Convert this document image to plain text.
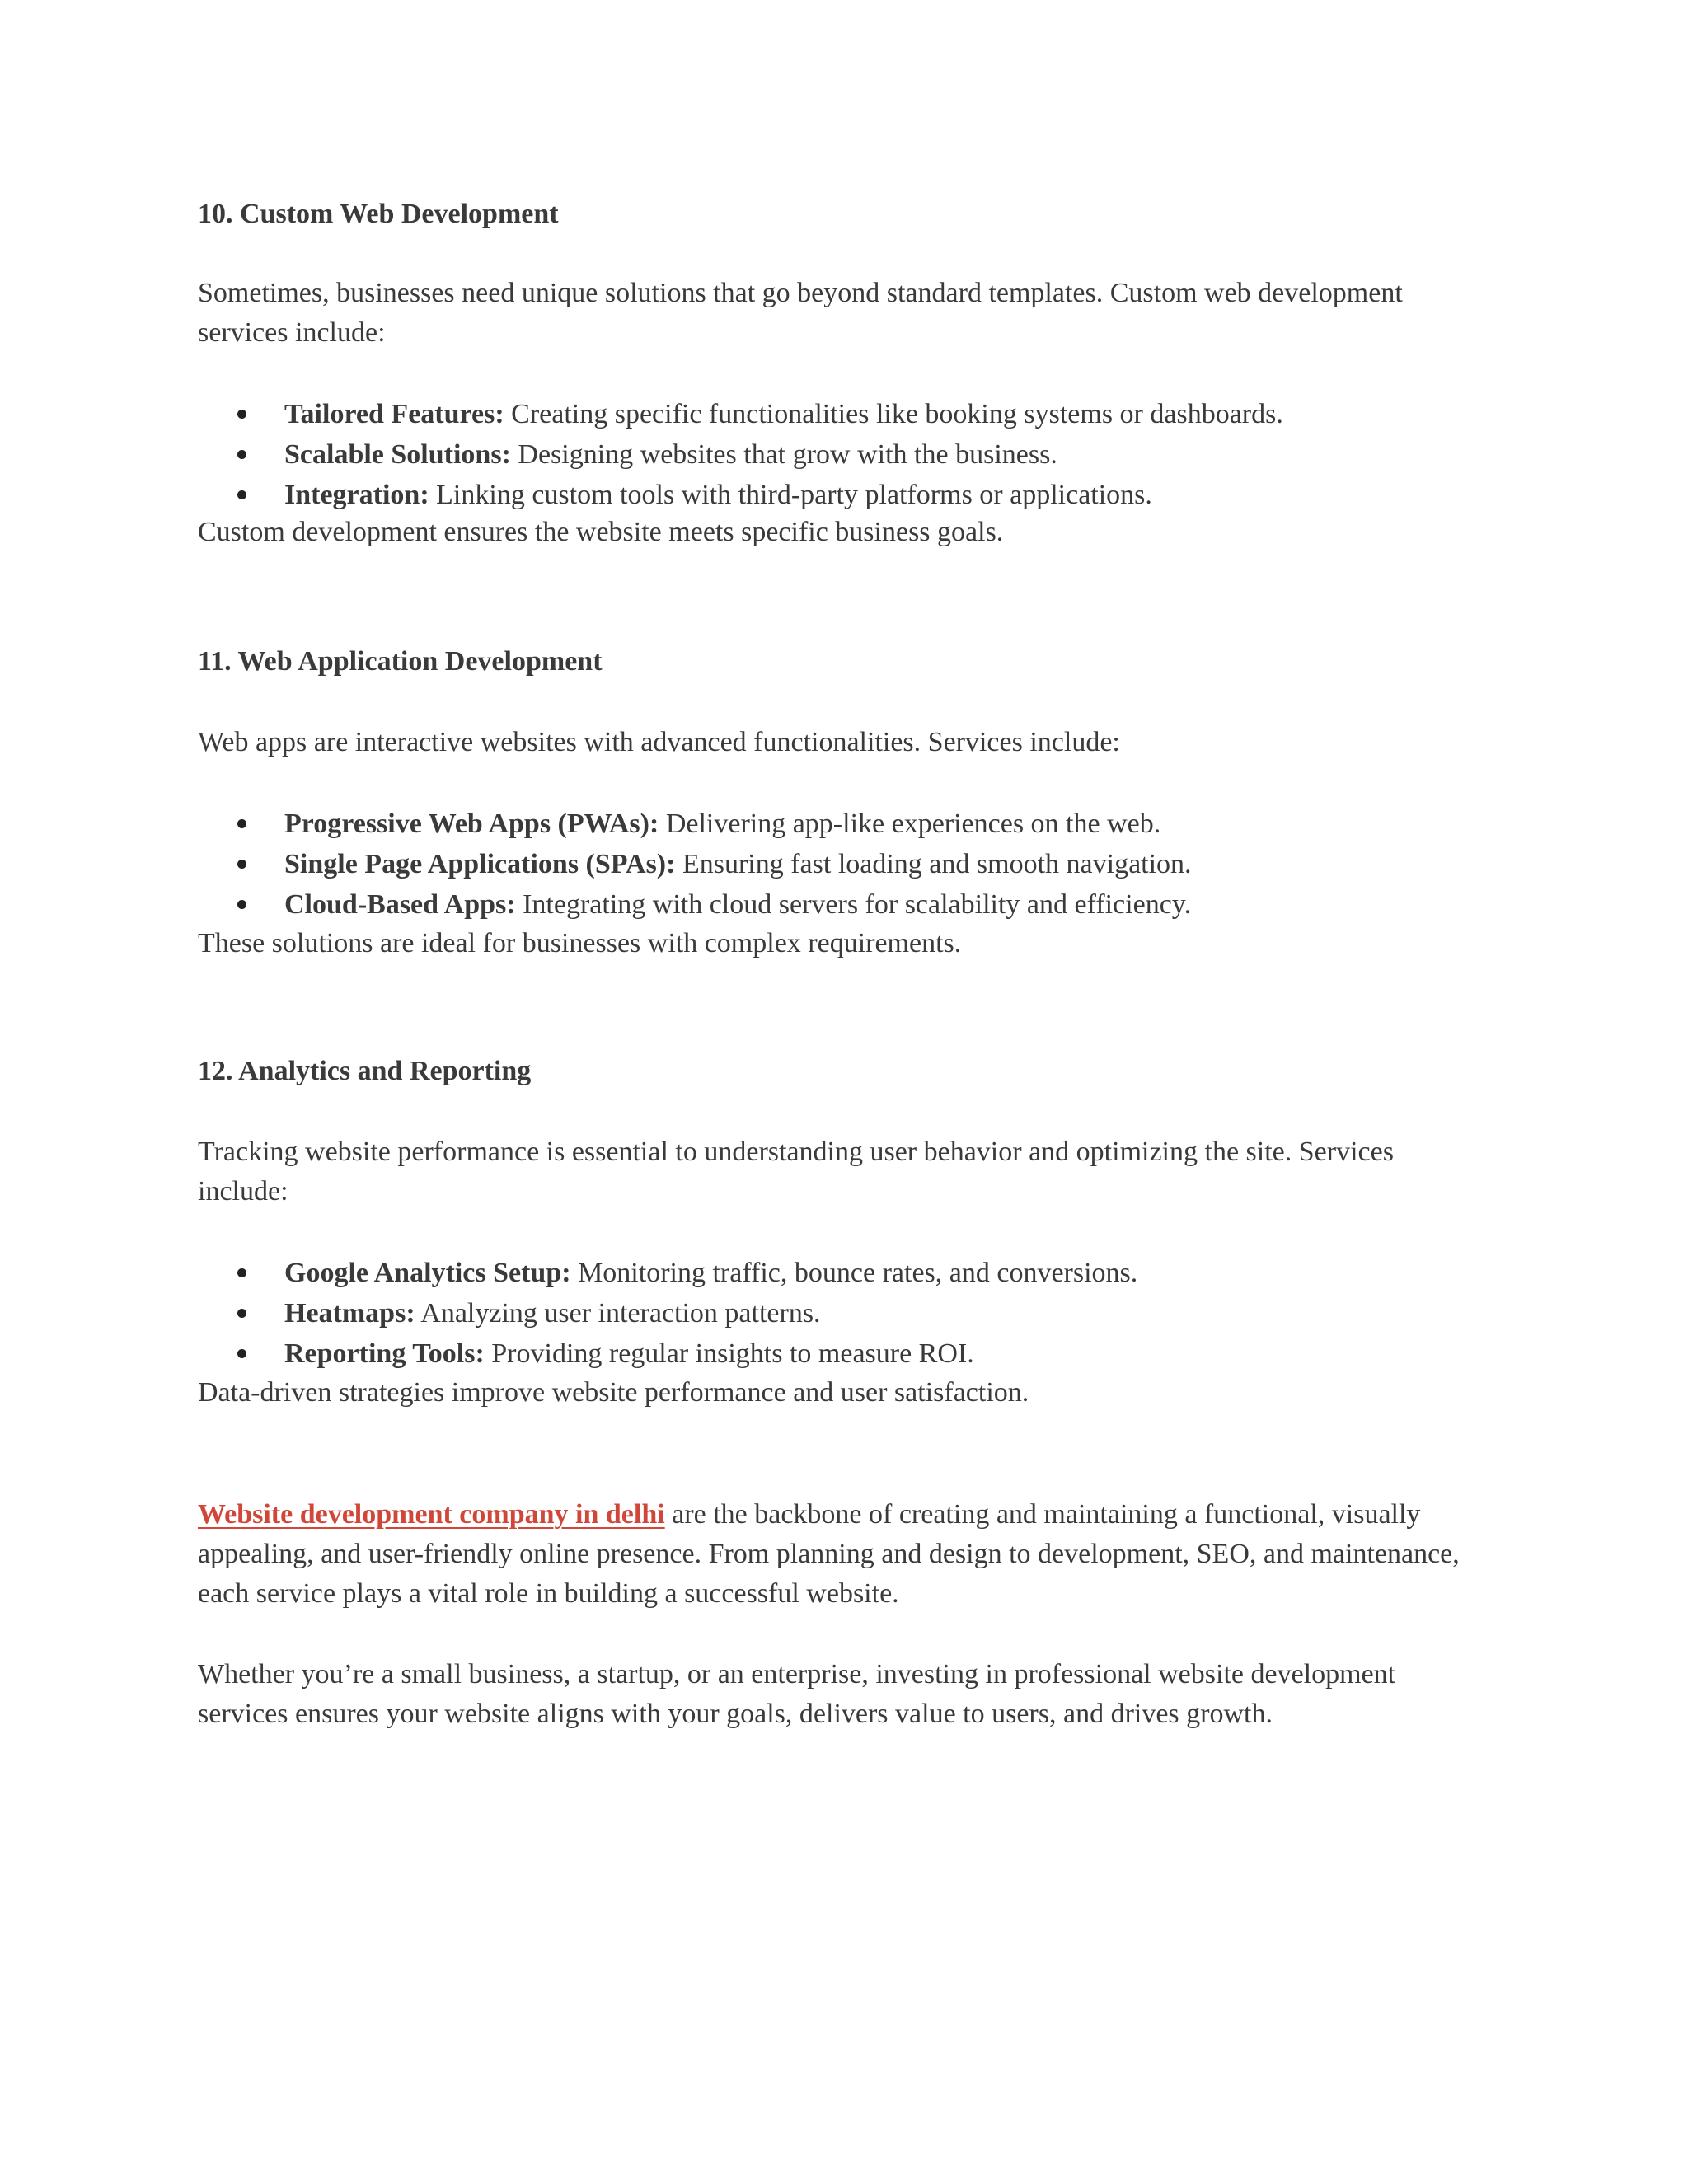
10. Custom Web Development

Sometimes, businesses need unique solutions that go beyond standard templates. Custom web development services include:

Tailored Features: Creating specific functionalities like booking systems or dashboards.
Scalable Solutions: Designing websites that grow with the business.
Integration: Linking custom tools with third-party platforms or applications.

Custom development ensures the website meets specific business goals.

11. Web Application Development

Web apps are interactive websites with advanced functionalities. Services include:

Progressive Web Apps (PWAs): Delivering app-like experiences on the web.
Single Page Applications (SPAs): Ensuring fast loading and smooth navigation.
Cloud-Based Apps: Integrating with cloud servers for scalability and efficiency.

These solutions are ideal for businesses with complex requirements.

12. Analytics and Reporting

Tracking website performance is essential to understanding user behavior and optimizing the site. Services include:

Google Analytics Setup: Monitoring traffic, bounce rates, and conversions.
Heatmaps: Analyzing user interaction patterns.
Reporting Tools: Providing regular insights to measure ROI.

Data-driven strategies improve website performance and user satisfaction.

Website development company in delhi are the backbone of creating and maintaining a functional, visually appealing, and user-friendly online presence. From planning and design to development, SEO, and maintenance, each service plays a vital role in building a successful website.

Whether you’re a small business, a startup, or an enterprise, investing in professional website development services ensures your website aligns with your goals, delivers value to users, and drives growth.
